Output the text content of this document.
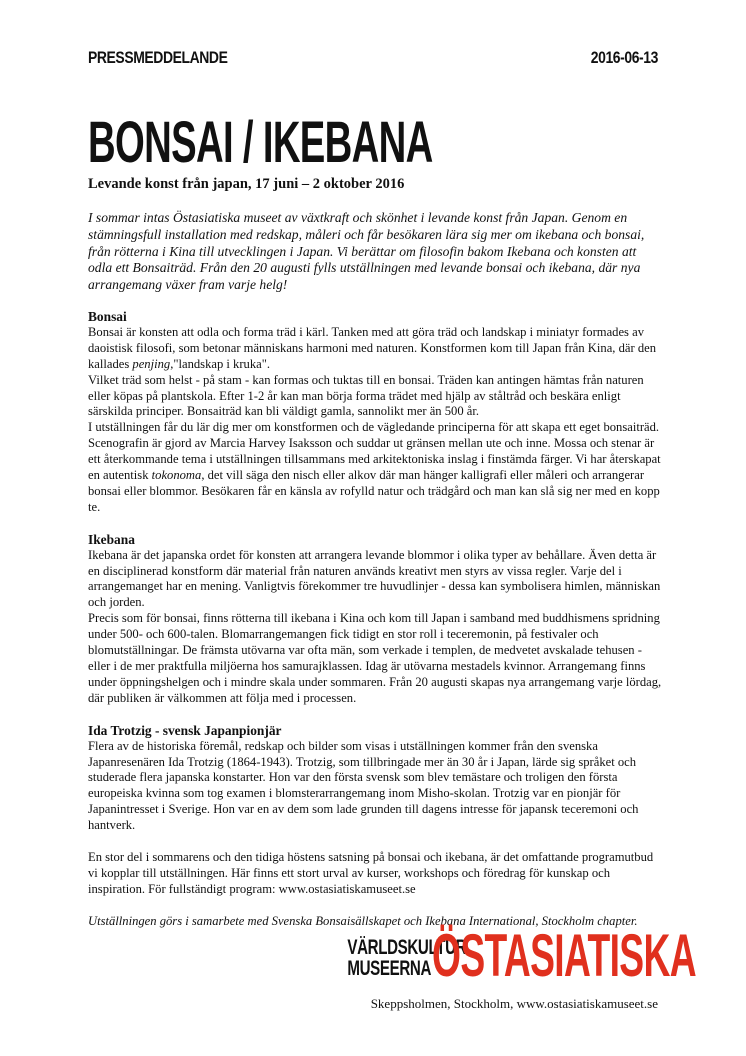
PRESSMEDDELANDE	2016-06-13
BONSAI / IKEBANA
Levande konst från japan, 17 juni – 2 oktober 2016

I sommar intas Östasiatiska museet av växtkraft och skönhet i levande konst från Japan. Genom en stämningsfull installation med redskap, måleri och får besökaren lära sig mer om ikebana och bonsai, från rötterna i Kina till utvecklingen i Japan. Vi berättar om filosofin bakom Ikebana och konsten att odla ett Bonsaiträd. Från den 20 augusti fylls utställningen med levande bonsai och ikebana, där nya arrangemang växer fram varje helg!

Bonsai

Bonsai är konsten att odla och forma träd i kärl. Tanken med att göra träd och landskap i miniatyr formades av daoistisk filosofi, som betonar människans harmoni med naturen. Konstformen kom till Japan från Kina, där den kallades penjing,"landskap i kruka".

Vilket träd som helst - på stam - kan formas och tuktas till en bonsai. Träden kan antingen hämtas från naturen eller köpas på plantskola. Efter 1-2 år kan man börja forma trädet med hjälp av ståltråd och beskära enligt särskilda principer. Bonsaiträd kan bli väldigt gamla, sannolikt mer än 500 år.

I utställningen får du lär dig mer om konstformen och de vägledande principerna för att skapa ett eget bonsaiträd. Scenografin är gjord av Marcia Harvey Isaksson och suddar ut gränsen mellan ute och inne. Mossa och stenar är ett återkommande tema i utställningen tillsammans med arkitektoniska inslag i finstämda färger. Vi har återskapat en autentisk tokonoma, det vill säga den nisch eller alkov där man hänger kalligrafi eller måleri och arrangerar bonsai eller blommor. Besökaren får en känsla av rofylld natur och trädgård och man kan slå sig ner med en kopp te.

Ikebana

Ikebana är det japanska ordet för konsten att arrangera levande blommor i olika typer av behållare. Även detta är en disciplinerad konstform där material från naturen används kreativt men styrs av vissa regler. Varje del i arrangemanget har en mening. Vanligtvis förekommer tre huvudlinjer - dessa kan symbolisera himlen, människan och jorden.

Precis som för bonsai, finns rötterna till ikebana i Kina och kom till Japan i samband med buddhismens spridning under 500- och 600-talen. Blomarrangemangen fick tidigt en stor roll i teceremonin, på festivaler och blomutställningar. De främsta utövarna var ofta män, som verkade i templen, de medvetet avskalade tehusen - eller i de mer praktfulla miljöerna hos samurajklassen. Idag är utövarna mestadels kvinnor. Arrangemang finns under öppningshelgen och i mindre skala under sommaren. Från 20 augusti skapas nya arrangemang varje lördag, där publiken är välkommen att följa med i processen.

Ida Trotzig - svensk Japanpionjär

Flera av de historiska föremål, redskap och bilder som visas i utställningen kommer från den svenska Japanresenären Ida Trotzig (1864-1943). Trotzig, som tillbringade mer än 30 år i Japan, lärde sig språket och studerade flera japanska konstarter. Hon var den första svensk som blev temästare och troligen den första europeiska kvinna som tog examen i blomsterarrangemang inom Misho-skolan. Trotzig var en pionjär för Japanintresset i Sverige. Hon var en av dem som lade grunden till dagens intresse för japansk teceremoni och hantverk.

En stor del i sommarens och den tidiga höstens satsning på bonsai och ikebana, är det omfattande programutbud vi kopplar till utställningen. Här finns ett stort urval av kurser, workshops och föredrag för kunskap och inspiration. För fullständigt program: www.ostasiatiskamuseet.se

Utställningen görs i samarbete med Svenska Bonsaisällskapet och Ikebana International, Stockholm chapter.

VÄRLDSKULTUR
MUSEERNA ÖSTASIATISKA
Skeppsholmen, Stockholm, www.ostasiatiskamuseet.se
